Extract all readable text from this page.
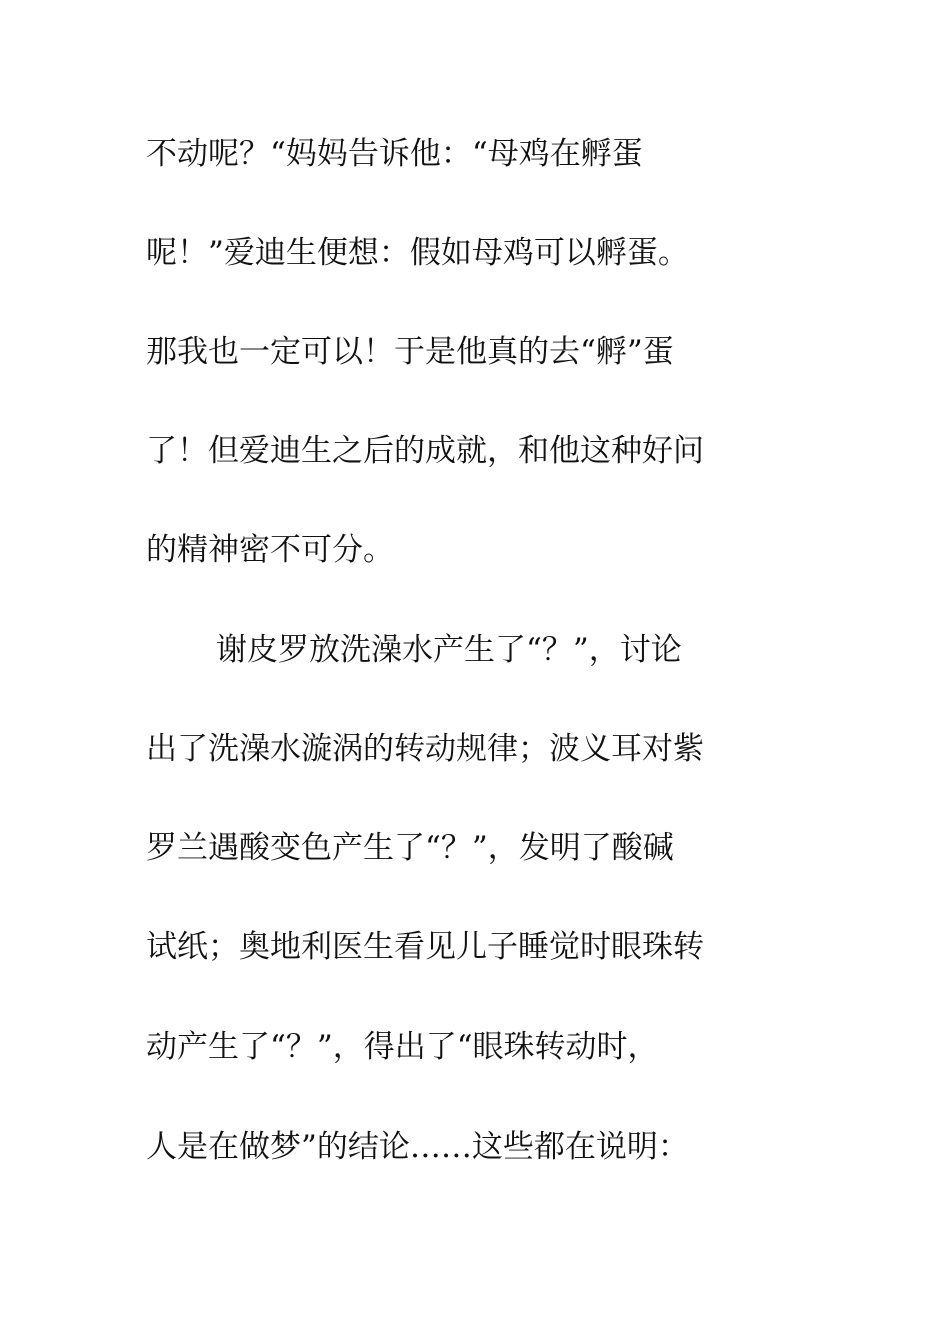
不动呢？“妈妈告诉他：“母鸡在孵蛋
呢！”爱迪生便想：假如母鸡可以孵蛋。
那我也一定可以！于是他真的去“孵”蛋
了！但爱迪生之后的成就，和他这种好问
的精神密不可分。
谢皮罗放洗澡水产生了“？”，讨论
出了洗澡水漩涡的转动规律；波义耳对紫
罗兰遇酸变色产生了“？”，发明了酸碱
试纸；奥地利医生看见儿子睡觉时眼珠转
动产生了“？”，得出了“眼珠转动时，
人是在做梦”的结论……这些都在说明：
